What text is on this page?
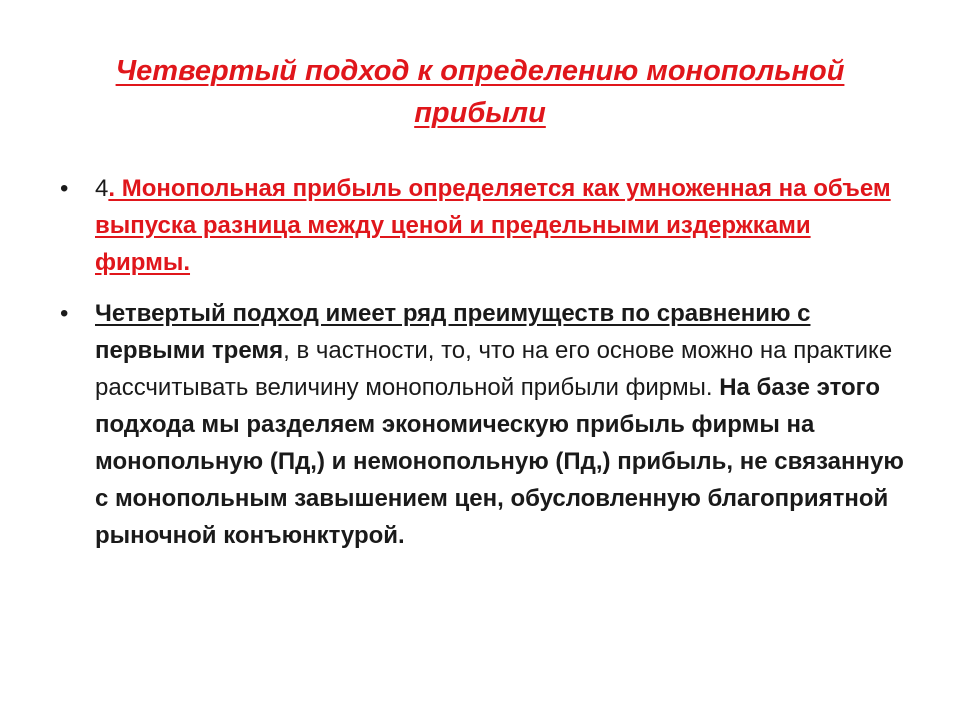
Четвертый подход к определению монопольной прибыли
• 4. Монопольная прибыль определяется как умноженная на объем выпуска разница между ценой и предельными издержками фирмы.
• Четвертый подход имеет ряд преимуществ по сравнению с первыми тремя, в частности, то, что на его основе можно на практике рассчитывать величину монопольной прибыли фирмы. На базе этого подхода мы разделяем экономическую прибыль фирмы на монопольную (Пд,) и немонопольную (Пд,) прибыль, не связанную с монопольным завышением цен, обусловленную благоприятной рыночной конъюнктурой.
